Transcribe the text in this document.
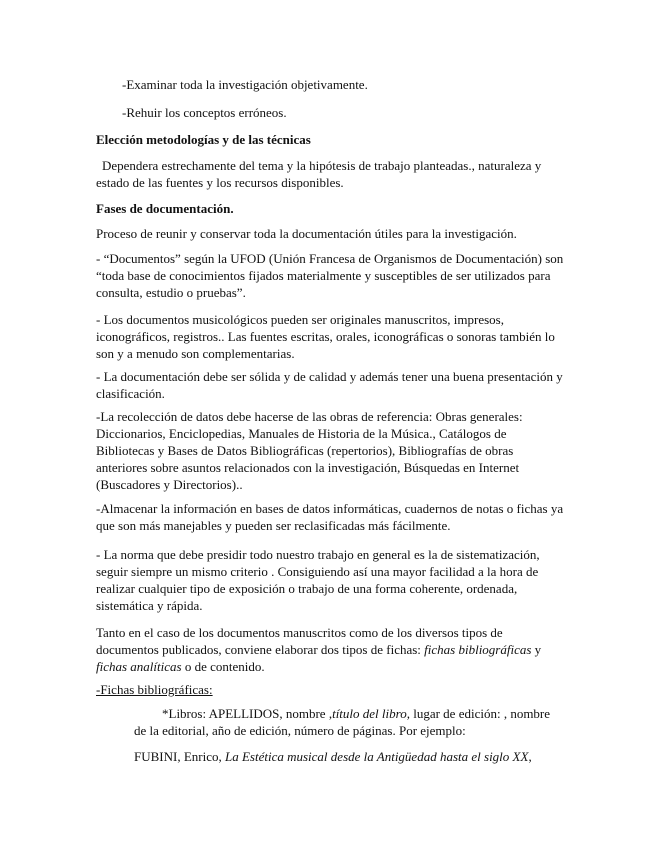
-Examinar toda la investigación objetivamente.

-Rehuir los conceptos erróneos.

Elección metodologías y de las técnicas

Dependera estrechamente del tema y la hipótesis de trabajo planteadas., naturaleza y estado de las fuentes y los recursos disponibles.

Fases de documentación.

Proceso de reunir y conservar toda la documentación útiles para la investigación.

- “Documentos” según la UFOD (Unión Francesa de Organismos de Documentación) son “toda base de conocimientos fijados materialmente y susceptibles de ser utilizados para consulta, estudio o pruebas”.

- Los documentos musicológicos pueden ser originales manuscritos, impresos, iconográficos, registros.. Las fuentes escritas, orales, iconográficas o sonoras también lo son y a menudo son complementarias.

- La documentación debe ser sólida y de calidad y además tener una buena presentación y clasificación.

-La recolección de datos debe hacerse de las obras de referencia: Obras generales: Diccionarios, Enciclopedias, Manuales de Historia de la Música., Catálogos de Bibliotecas y Bases de Datos Bibliográficas (repertorios), Bibliografías de obras anteriores sobre asuntos relacionados con la investigación, Búsquedas en Internet (Buscadores y Directorios)..

-Almacenar la información en bases de datos informáticas, cuadernos de notas o fichas ya que son más manejables y pueden ser reclasificadas más fácilmente.

- La norma que debe presidir todo nuestro trabajo en general es la de sistematización, seguir siempre un mismo criterio . Consiguiendo así una mayor facilidad a la hora de realizar cualquier tipo de exposición o trabajo de una forma coherente, ordenada, sistemática y rápida.

Tanto en el caso de los documentos manuscritos como de los diversos tipos de documentos publicados, conviene elaborar dos tipos de fichas: fichas bibliográficas y fichas analíticas o de contenido.

-Fichas bibliográficas:

*Libros: APELLIDOS, nombre ,título del libro, lugar de edición: , nombre de la editorial, año de edición, número de páginas. Por ejemplo:

FUBINI, Enrico, La Estética musical desde la Antigüedad hasta el siglo XX,
